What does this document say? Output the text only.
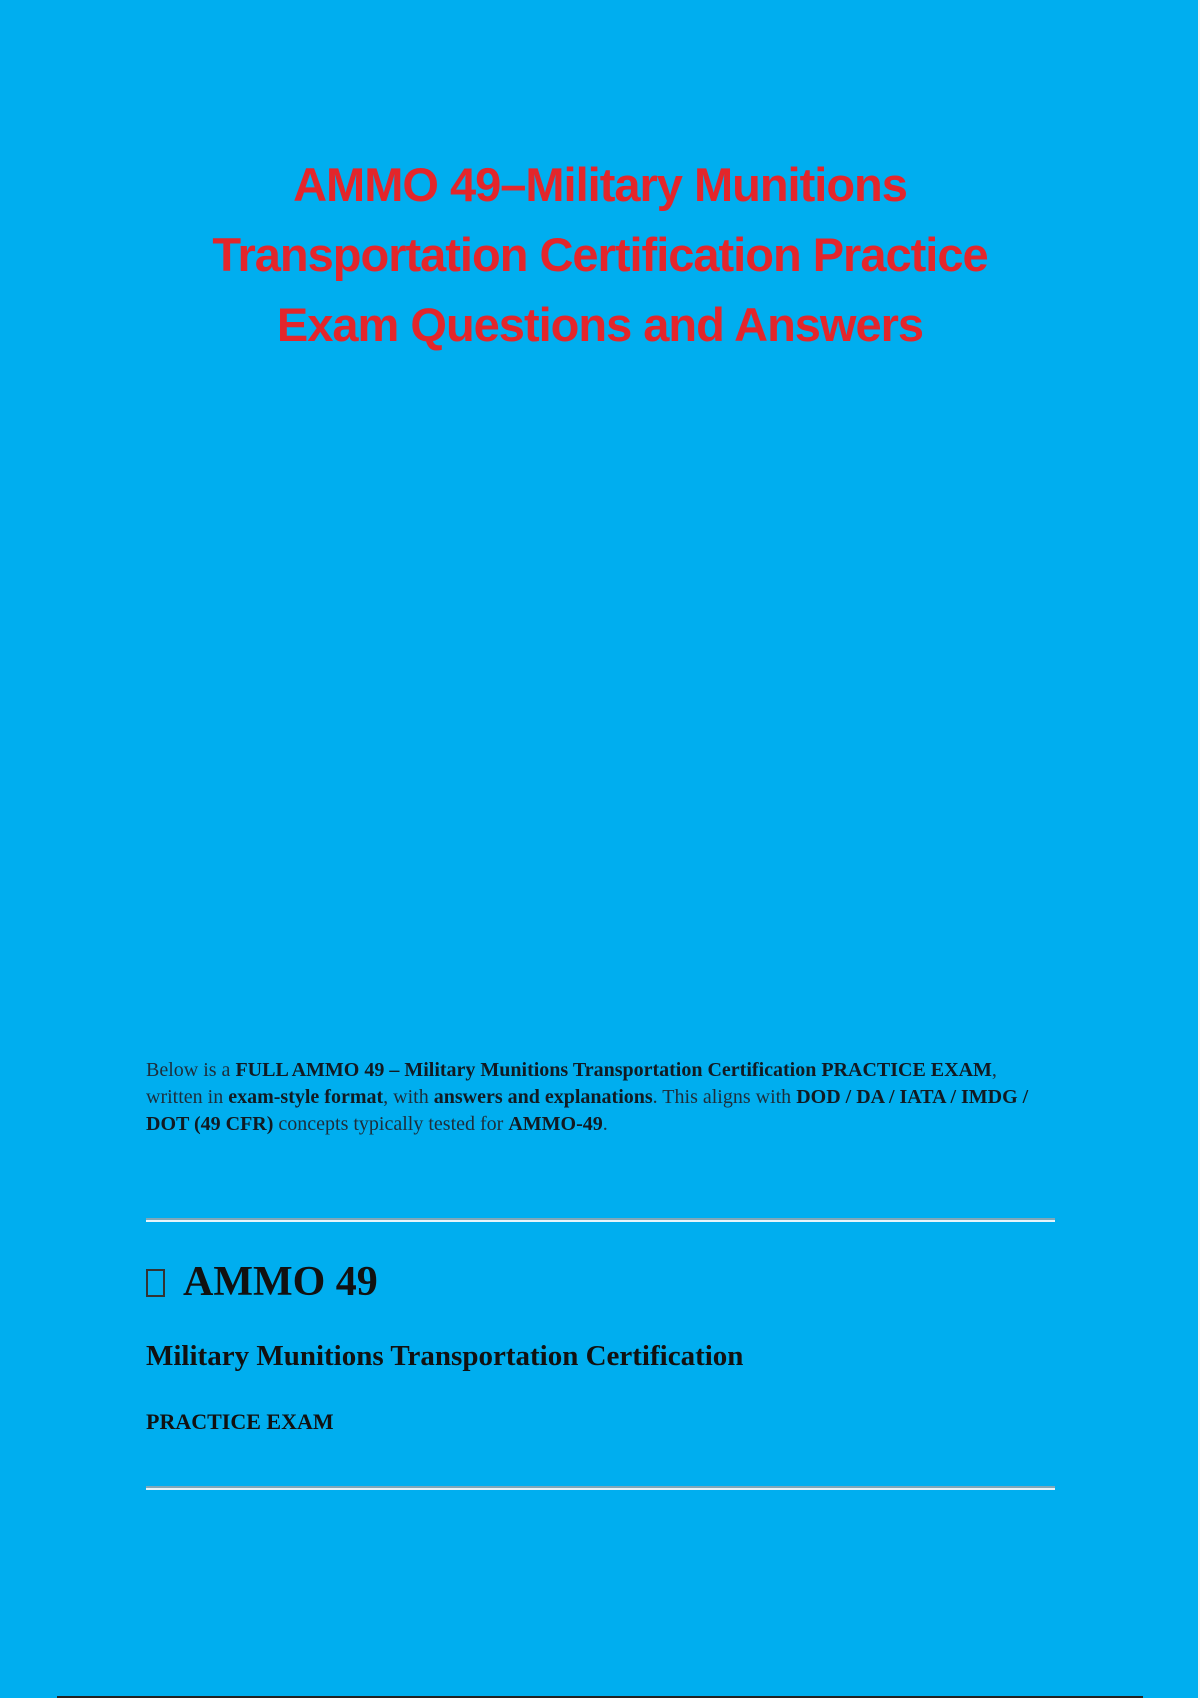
AMMO 49–Military Munitions
Transportation Certification Practice
Exam Questions and Answers

Below is a FULL AMMO 49 – Military Munitions Transportation Certification PRACTICE EXAM, written in exam-style format, with answers and explanations. This aligns with DOD / DA / IATA / IMDG / DOT (49 CFR) concepts typically tested for AMMO-49.

AMMO 49
Military Munitions Transportation Certification

PRACTICE EXAM
